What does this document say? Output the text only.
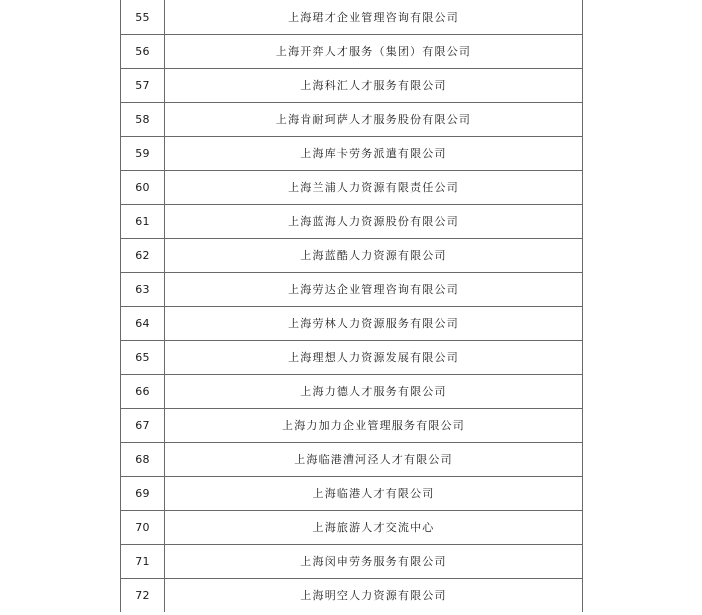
55	上海珺才企业管理咨询有限公司
56	上海开弈人才服务（集团）有限公司
57	上海科汇人才服务有限公司
58	上海肯耐珂萨人才服务股份有限公司
59	上海库卡劳务派遣有限公司
60	上海兰浦人力资源有限责任公司
61	上海蓝海人力资源股份有限公司
62	上海蓝酷人力资源有限公司
63	上海劳达企业管理咨询有限公司
64	上海劳林人力资源服务有限公司
65	上海理想人力资源发展有限公司
66	上海力德人才服务有限公司
67	上海力加力企业管理服务有限公司
68	上海临港漕河泾人才有限公司
69	上海临港人才有限公司
70	上海旅游人才交流中心
71	上海闵申劳务服务有限公司
72	上海明空人力资源有限公司
